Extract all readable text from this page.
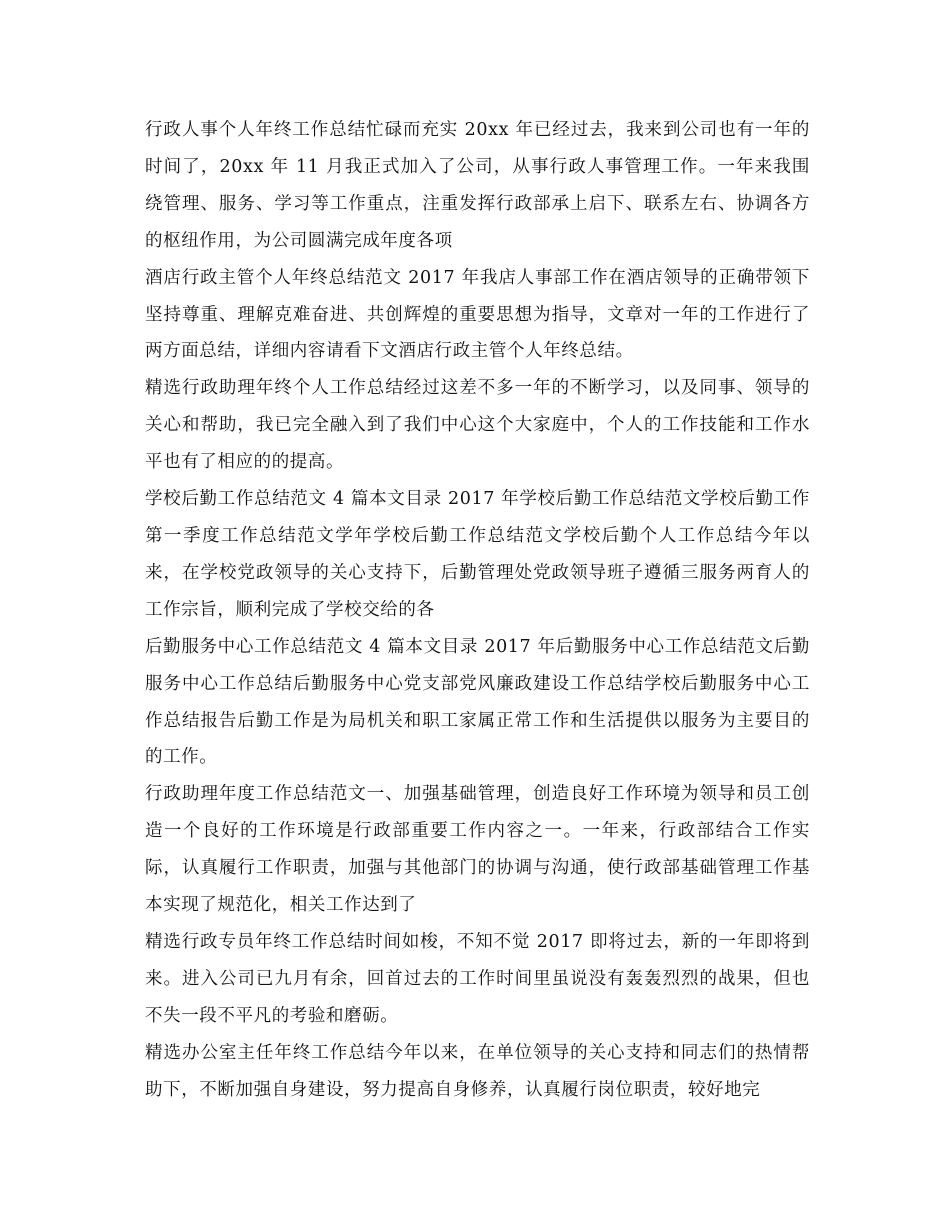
行政人事个人年终工作总结忙碌而充实 20xx 年已经过去，我来到公司也有一年的时间了，20xx 年 11 月我正式加入了公司，从事行政人事管理工作。一年来我围绕管理、服务、学习等工作重点，注重发挥行政部承上启下、联系左右、协调各方的枢纽作用，为公司圆满完成年度各项

酒店行政主管个人年终总结范文 2017 年我店人事部工作在酒店领导的正确带领下坚持尊重、理解克难奋进、共创辉煌的重要思想为指导，文章对一年的工作进行了两方面总结，详细内容请看下文酒店行政主管个人年终总结。

精选行政助理年终个人工作总结经过这差不多一年的不断学习，以及同事、领导的关心和帮助，我已完全融入到了我们中心这个大家庭中，个人的工作技能和工作水平也有了相应的的提高。

学校后勤工作总结范文 4 篇本文目录 2017 年学校后勤工作总结范文学校后勤工作第一季度工作总结范文学年学校后勤工作总结范文学校后勤个人工作总结今年以来，在学校党政领导的关心支持下，后勤管理处党政领导班子遵循三服务两育人的工作宗旨，顺利完成了学校交给的各

后勤服务中心工作总结范文 4 篇本文目录 2017 年后勤服务中心工作总结范文后勤服务中心工作总结后勤服务中心党支部党风廉政建设工作总结学校后勤服务中心工作总结报告后勤工作是为局机关和职工家属正常工作和生活提供以服务为主要目的的工作。

行政助理年度工作总结范文一、加强基础管理，创造良好工作环境为领导和员工创造一个良好的工作环境是行政部重要工作内容之一。一年来，行政部结合工作实际，认真履行工作职责，加强与其他部门的协调与沟通，使行政部基础管理工作基本实现了规范化，相关工作达到了

精选行政专员年终工作总结时间如梭，不知不觉 2017 即将过去，新的一年即将到来。进入公司已九月有余，回首过去的工作时间里虽说没有轰轰烈烈的战果，但也不失一段不平凡的考验和磨砺。

精选办公室主任年终工作总结今年以来，在单位领导的关心支持和同志们的热情帮助下，不断加强自身建设，努力提高自身修养，认真履行岗位职责，较好地完
